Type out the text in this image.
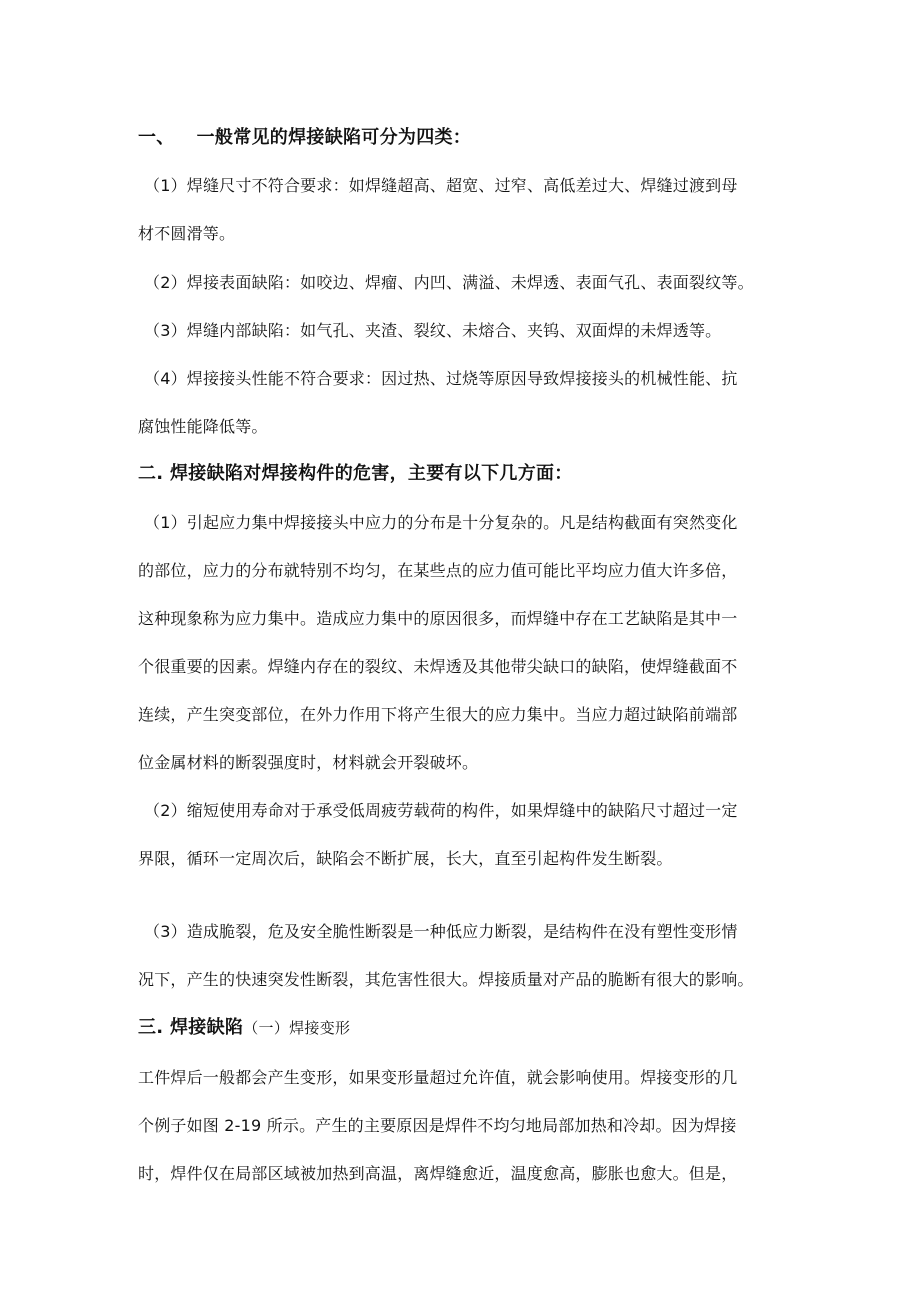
一、 一般常见的焊接缺陷可分为四类：
（1）焊缝尺寸不符合要求：如焊缝超高、超宽、过窄、高低差过大、焊缝过渡到母
材不圆滑等。
（2）焊接表面缺陷：如咬边、焊瘤、内凹、满溢、未焊透、表面气孔、表面裂纹等。
（3）焊缝内部缺陷：如气孔、夹渣、裂纹、未熔合、夹钨、双面焊的未焊透等。
（4）焊接接头性能不符合要求：因过热、过烧等原因导致焊接接头的机械性能、抗
腐蚀性能降低等。
二. 焊接缺陷对焊接构件的危害，主要有以下几方面：
（1）引起应力集中焊接接头中应力的分布是十分复杂的。凡是结构截面有突然变化
的部位，应力的分布就特别不均匀，在某些点的应力值可能比平均应力值大许多倍，
这种现象称为应力集中。造成应力集中的原因很多，而焊缝中存在工艺缺陷是其中一
个很重要的因素。焊缝内存在的裂纹、未焊透及其他带尖缺口的缺陷，使焊缝截面不
连续，产生突变部位，在外力作用下将产生很大的应力集中。当应力超过缺陷前端部
位金属材料的断裂强度时，材料就会开裂破坏。
（2）缩短使用寿命对于承受低周疲劳载荷的构件，如果焊缝中的缺陷尺寸超过一定
界限，循环一定周次后，缺陷会不断扩展，长大，直至引起构件发生断裂。
（3）造成脆裂，危及安全脆性断裂是一种低应力断裂，是结构件在没有塑性变形情
况下，产生的快速突发性断裂，其危害性很大。焊接质量对产品的脆断有很大的影响。
三. 焊接缺陷（一）焊接变形
工件焊后一般都会产生变形，如果变形量超过允许值，就会影响使用。焊接变形的几
个例子如图 2-19 所示。产生的主要原因是焊件不均匀地局部加热和冷却。因为焊接
时，焊件仅在局部区域被加热到高温，离焊缝愈近，温度愈高，膨胀也愈大。但是，
